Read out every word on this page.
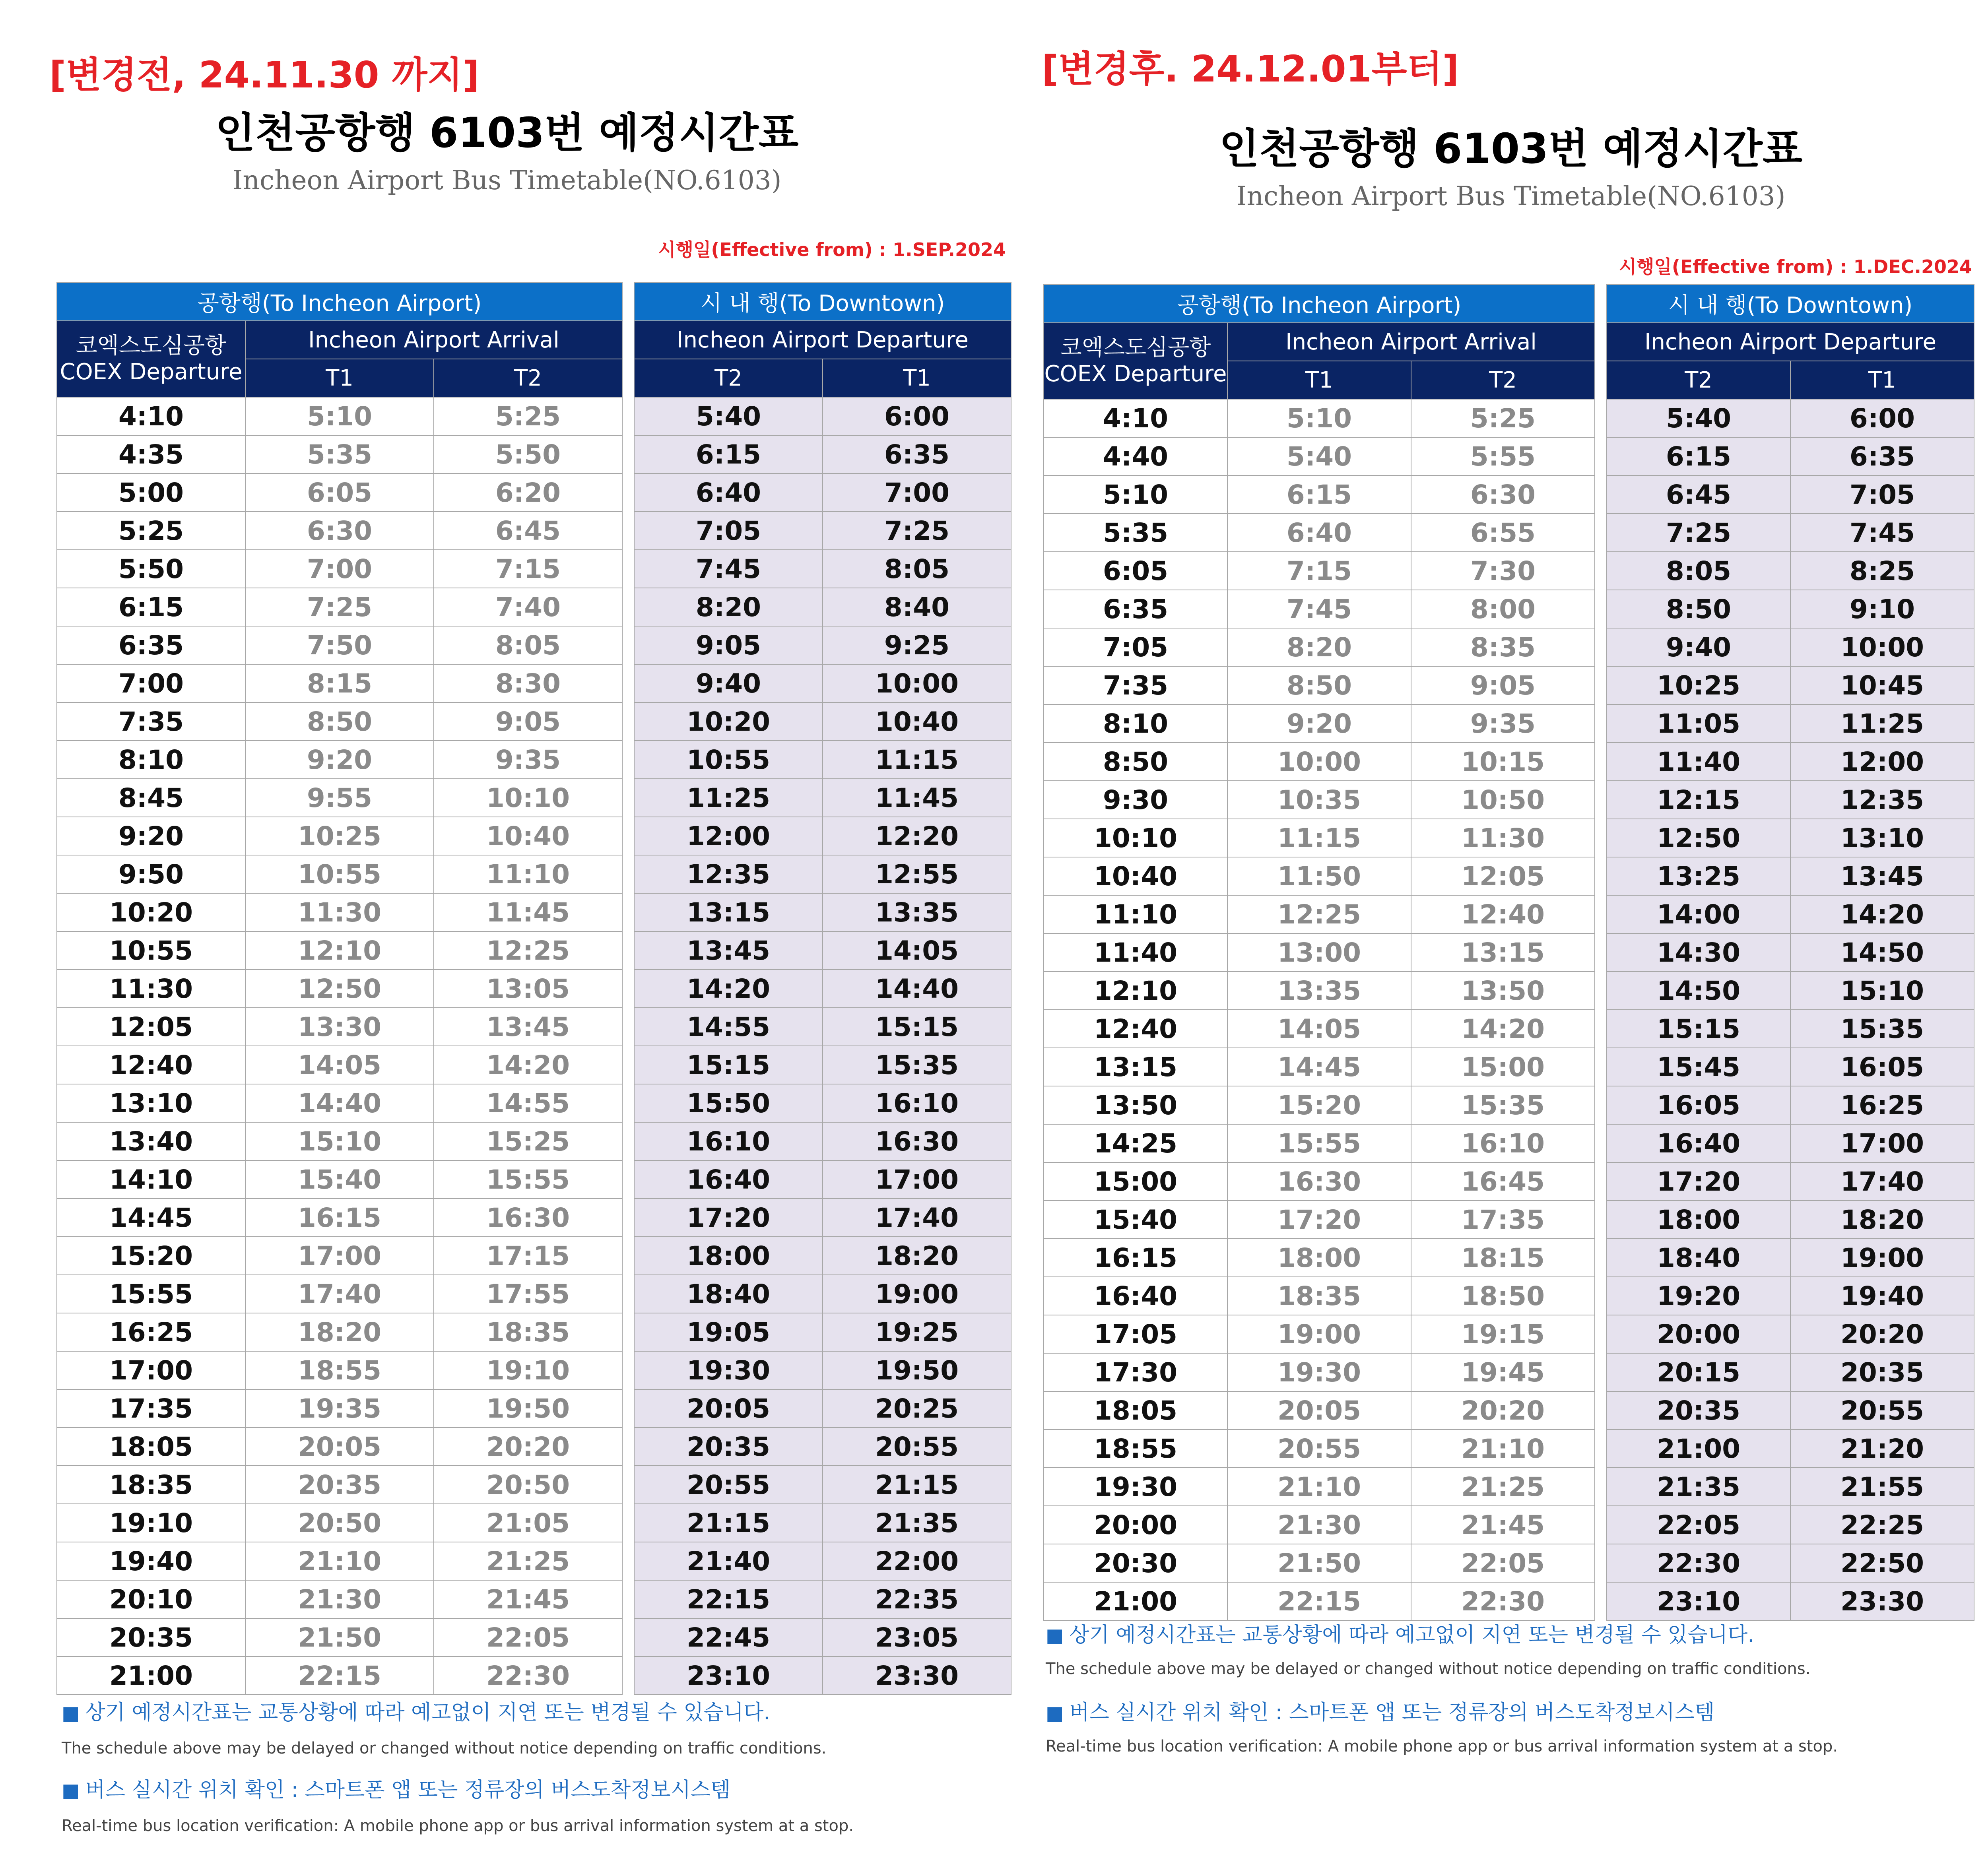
[변경전, 24.11.30 까지]
인천공항행 6103번 예정시간표
Incheon Airport Bus Timetable(NO.6103)
시행일(Effective from) : 1.SEP.2024
공항행(To Incheon Airport)		

코엑스도심공항
COEX Departure	Incheon Airport Arrival	
	T1	T2
4:10	5:10	5:25
4:35	5:35	5:50
5:00	6:05	6:20
5:25	6:30	6:45
5:50	7:00	7:15
6:15	7:25	7:40
6:35	7:50	8:05
7:00	8:15	8:30
7:35	8:50	9:05
8:10	9:20	9:35
8:45	9:55	10:10
9:20	10:25	10:40
9:50	10:55	11:10
10:20	11:30	11:45
10:55	12:10	12:25
11:30	12:50	13:05
12:05	13:30	13:45
12:40	14:05	14:20
13:10	14:40	14:55
13:40	15:10	15:25
14:10	15:40	15:55
14:45	16:15	16:30
15:20	17:00	17:15
15:55	17:40	17:55
16:25	18:20	18:35
17:00	18:55	19:10
17:35	19:35	19:50
18:05	20:05	20:20
18:35	20:35	20:50
19:10	20:50	21:05
19:40	21:10	21:25
20:10	21:30	21:45
20:35	21:50	22:05
21:00	22:15	22:30
시 내 행(To Downtown)	
Incheon Airport Departure	
T2	T1
5:40	6:00
6:15	6:35
6:40	7:00
7:05	7:25
7:45	8:05
8:20	8:40
9:05	9:25
9:40	10:00
10:20	10:40
10:55	11:15
11:25	11:45
12:00	12:20
12:35	12:55
13:15	13:35
13:45	14:05
14:20	14:40
14:55	15:15
15:15	15:35
15:50	16:10
16:10	16:30
16:40	17:00
17:20	17:40
18:00	18:20
18:40	19:00
19:05	19:25
19:30	19:50
20:05	20:25
20:35	20:55
20:55	21:15
21:15	21:35
21:40	22:00
22:15	22:35
22:45	23:05
23:10	23:30
■ 상기 예정시간표는 교통상황에 따라 예고없이 지연 또는 변경될 수 있습니다.
The schedule above may be delayed or changed without notice depending on traffic conditions.
■ 버스 실시간 위치 확인 : 스마트폰 앱 또는 정류장의 버스도착정보시스템
Real-time bus location verification: A mobile phone app or bus arrival information system at a stop.
[변경후. 24.12.01부터]
인천공항행 6103번 예정시간표
Incheon Airport Bus Timetable(NO.6103)
시행일(Effective from) : 1.DEC.2024
공항행(To Incheon Airport)		

코엑스도심공항
COEX Departure	Incheon Airport Arrival	
	T1	T2
4:10	5:10	5:25
4:40	5:40	5:55
5:10	6:15	6:30
5:35	6:40	6:55
6:05	7:15	7:30
6:35	7:45	8:00
7:05	8:20	8:35
7:35	8:50	9:05
8:10	9:20	9:35
8:50	10:00	10:15
9:30	10:35	10:50
10:10	11:15	11:30
10:40	11:50	12:05
11:10	12:25	12:40
11:40	13:00	13:15
12:10	13:35	13:50
12:40	14:05	14:20
13:15	14:45	15:00
13:50	15:20	15:35
14:25	15:55	16:10
15:00	16:30	16:45
15:40	17:20	17:35
16:15	18:00	18:15
16:40	18:35	18:50
17:05	19:00	19:15
17:30	19:30	19:45
18:05	20:05	20:20
18:55	20:55	21:10
19:30	21:10	21:25
20:00	21:30	21:45
20:30	21:50	22:05
21:00	22:15	22:30
시 내 행(To Downtown)	
Incheon Airport Departure	
T2	T1
5:40	6:00
6:15	6:35
6:45	7:05
7:25	7:45
8:05	8:25
8:50	9:10
9:40	10:00
10:25	10:45
11:05	11:25
11:40	12:00
12:15	12:35
12:50	13:10
13:25	13:45
14:00	14:20
14:30	14:50
14:50	15:10
15:15	15:35
15:45	16:05
16:05	16:25
16:40	17:00
17:20	17:40
18:00	18:20
18:40	19:00
19:20	19:40
20:00	20:20
20:15	20:35
20:35	20:55
21:00	21:20
21:35	21:55
22:05	22:25
22:30	22:50
23:10	23:30
■ 상기 예정시간표는 교통상황에 따라 예고없이 지연 또는 변경될 수 있습니다.
The schedule above may be delayed or changed without notice depending on traffic conditions.
■ 버스 실시간 위치 확인 : 스마트폰 앱 또는 정류장의 버스도착정보시스템
Real-time bus location verification: A mobile phone app or bus arrival information system at a stop.
